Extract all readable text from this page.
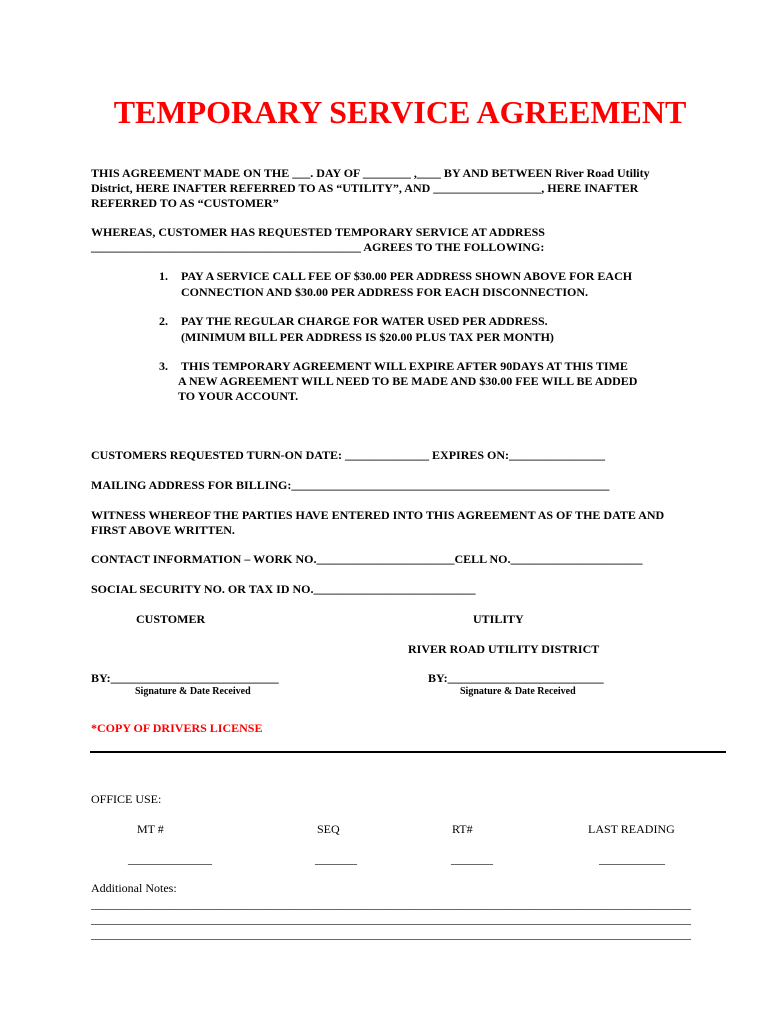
TEMPORARY SERVICE AGREEMENT
THIS AGREEMENT MADE ON THE ___. DAY OF ________ ,____ BY AND BETWEEN River Road Utility
District, HERE INAFTER REFERRED TO AS “UTILITY”, AND __________________, HERE INAFTER
REFERRED TO AS “CUSTOMER”
WHEREAS, CUSTOMER HAS REQUESTED TEMPORARY SERVICE AT ADDRESS
_____________________________________________ AGREES TO THE FOLLOWING:
1. PAY A SERVICE CALL FEE OF $30.00 PER ADDRESS SHOWN ABOVE FOR EACH
CONNECTION AND $30.00 PER ADDRESS FOR EACH DISCONNECTION.
2. PAY THE REGULAR CHARGE FOR WATER USED PER ADDRESS.
(MINIMUM BILL PER ADDRESS IS $20.00 PLUS TAX PER MONTH)
3. THIS TEMPORARY AGREEMENT WILL EXPIRE AFTER 90DAYS AT THIS TIME
A NEW AGREEMENT WILL NEED TO BE MADE AND $30.00 FEE WILL BE ADDED
TO YOUR ACCOUNT.
CUSTOMERS REQUESTED TURN-ON DATE: ______________ EXPIRES ON:________________
MAILING ADDRESS FOR BILLING:_____________________________________________________
WITNESS WHEREOF THE PARTIES HAVE ENTERED INTO THIS AGREEMENT AS OF THE DATE AND
FIRST ABOVE WRITTEN.
CONTACT INFORMATION – WORK NO._______________________CELL NO.______________________
SOCIAL SECURITY NO. OR TAX ID NO.___________________________
CUSTOMER	UTILITY
RIVER ROAD UTILITY DISTRICT
BY:____________________________	BY:__________________________
Signature & Date Received	Signature & Date Received
*COPY OF DRIVERS LICENSE
OFFICE USE:
MT #	SEQ	RT#	LAST READING
______________	_______	_______	___________
Additional Notes:
____________________________________________________________________________________________________
____________________________________________________________________________________________________
____________________________________________________________________________________________________
